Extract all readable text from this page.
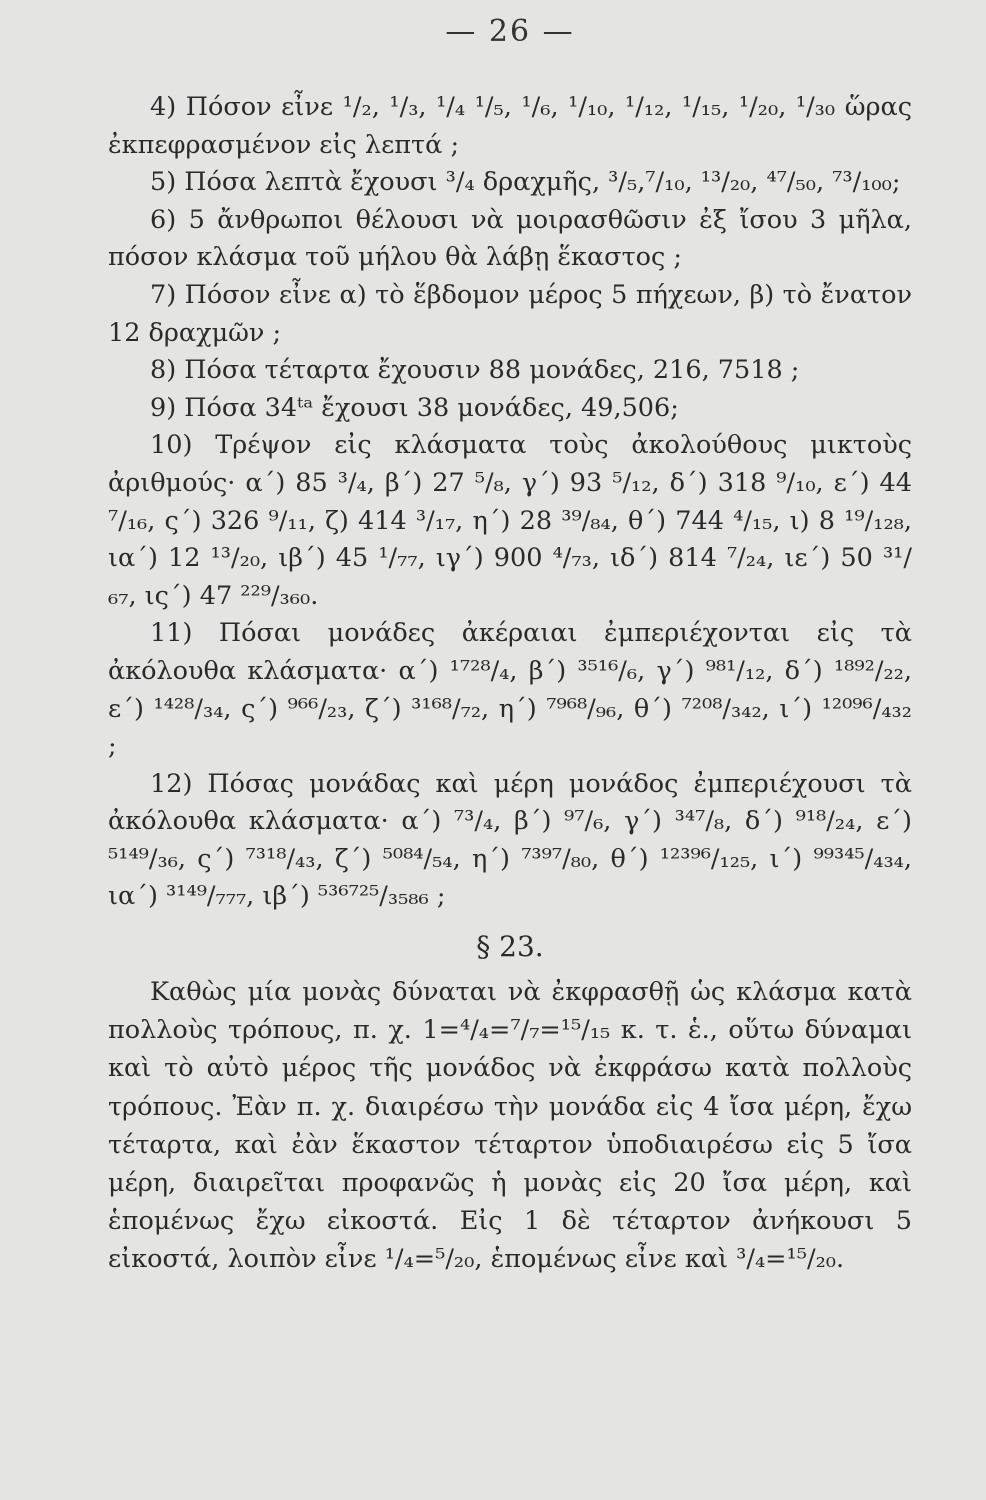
— 26 —

4) Πόσον εἶνε ¹/₂, ¹/₃, ¹/₄ ¹/₅, ¹/₆, ¹/₁₀, ¹/₁₂, ¹/₁₅, ¹/₂₀, ¹/₃₀ ὥρας ἐκπεφρασμένον εἰς λεπτά ;

5) Πόσα λεπτὰ ἔχουσι ³/₄ δραχμῆς, ³/₅,⁷/₁₀, ¹³/₂₀, ⁴⁷/₅₀, ⁷³/₁₀₀;

6) 5 ἄνθρωποι θέλουσι νὰ μοιρασθῶσιν ἐξ ἴσου 3 μῆλα, πόσον κλάσμα τοῦ μήλου θὰ λάβῃ ἕκαστος ;

7) Πόσον εἶνε α) τὸ ἕβδομον μέρος 5 πήχεων, β) τὸ ἔνατον 12 δραχμῶν ;

8) Πόσα τέταρτα ἔχουσιν 88 μονάδες, 216, 7518 ;

9) Πόσα 34ᵗᵃ ἔχουσι 38 μονάδες, 49,506;

10) Τρέψον εἰς κλάσματα τοὺς ἀκολούθους μικτοὺς ἀριθμούς· α΄) 85 ³/₄, β΄) 27 ⁵/₈, γ΄) 93 ⁵/₁₂, δ΄) 318 ⁹/₁₀, ε΄) 44 ⁷/₁₆, ς΄) 326 ⁹/₁₁, ζ) 414 ³/₁₇, η΄) 28 ³⁹/₈₄, θ΄) 744 ⁴/₁₅, ι) 8 ¹⁹/₁₂₈, ια΄) 12 ¹³/₂₀, ιβ΄) 45 ¹/₇₇, ιγ΄) 900 ⁴/₇₃, ιδ΄) 814 ⁷/₂₄, ιε΄) 50 ³¹/₆₇, ις΄) 47 ²²⁹/₃₆₀.

11) Πόσαι μονάδες ἀκέραιαι ἐμπεριέχονται εἰς τὰ ἀκόλουθα κλάσματα· α΄) ¹⁷²⁸/₄, β΄) ³⁵¹⁶/₆, γ΄) ⁹⁸¹/₁₂, δ΄) ¹⁸⁹²/₂₂, ε΄) ¹⁴²⁸/₃₄, ς΄) ⁹⁶⁶/₂₃, ζ΄) ³¹⁶⁸/₇₂, η΄) ⁷⁹⁶⁸/₉₆, θ΄) ⁷²⁰⁸/₃₄₂, ι΄) ¹²⁰⁹⁶/₄₃₂ ;

12) Πόσας μονάδας καὶ μέρη μονάδος ἐμπεριέχουσι τὰ ἀκόλουθα κλάσματα· α΄) ⁷³/₄, β΄) ⁹⁷/₆, γ΄) ³⁴⁷/₈, δ΄) ⁹¹⁸/₂₄, ε΄) ⁵¹⁴⁹/₃₆, ς΄) ⁷³¹⁸/₄₃, ζ΄) ⁵⁰⁸⁴/₅₄, η΄) ⁷³⁹⁷/₈₀, θ΄) ¹²³⁹⁶/₁₂₅, ι΄) ⁹⁹³⁴⁵/₄₃₄, ια΄) ³¹⁴⁹/₇₇₇, ιβ΄) ⁵³⁶⁷²⁵/₃₅₈₆ ;

§ 23.

Καθὼς μία μονὰς δύναται νὰ ἐκφρασθῇ ὡς κλάσμα κατὰ πολλοὺς τρόπους, π. χ. 1=⁴/₄=⁷/₇=¹⁵/₁₅ κ. τ. ἑ., οὕτω δύναμαι καὶ τὸ αὐτὸ μέρος τῆς μονάδος νὰ ἐκφράσω κατὰ πολλοὺς τρόπους. Ἐὰν π. χ. διαιρέσω τὴν μονάδα εἰς 4 ἴσα μέρη, ἔχω τέταρτα, καὶ ἐὰν ἕκαστον τέταρτον ὑποδιαιρέσω εἰς 5 ἴσα μέρη, διαιρεῖται προφανῶς ἡ μονὰς εἰς 20 ἴσα μέρη, καὶ ἑπομένως ἔχω εἰκοστά. Εἰς 1 δὲ τέταρτον ἀνήκουσι 5 εἰκοστά, λοιπὸν εἶνε ¹/₄=⁵/₂₀, ἑπομένως εἶνε καὶ ³/₄=¹⁵/₂₀.
